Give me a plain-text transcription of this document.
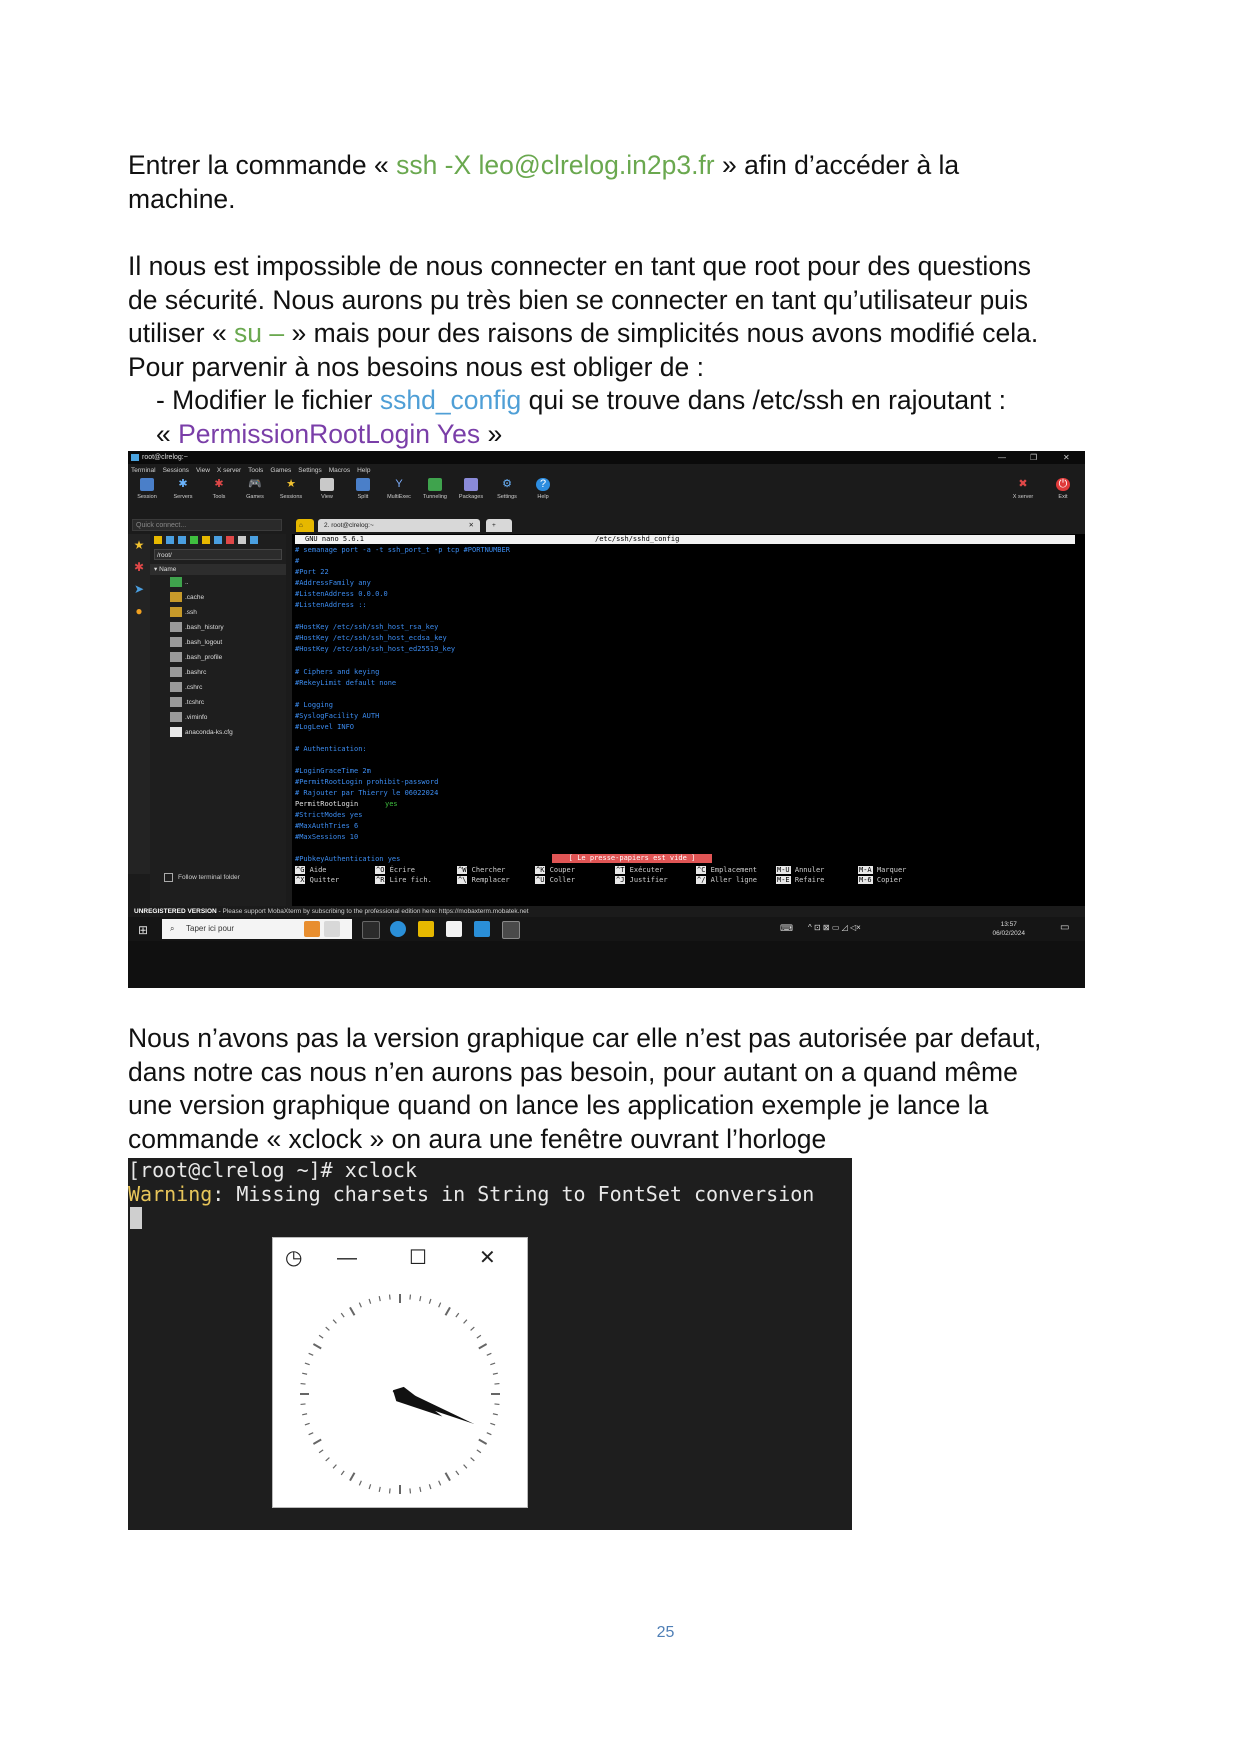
Entrer la commande « ssh -X leo@clrelog.in2p3.fr » afin d’accéder à la
machine.
Il nous est impossible de nous connecter en tant que root pour des questions
de sécurité. Nous aurons pu très bien se connecter en tant qu’utilisateur puis
utiliser « su – » mais pour des raisons de simplicités nous avons modifié cela.
Pour parvenir à nos besoins nous est obliger de :
- Modifier le fichier sshd_config qui se trouve dans /etc/ssh en rajoutant :
« PermissionRootLogin Yes »
root@clrelog:~	—	❐	✕
Terminal Sessions View X server Tools Games Settings Macros Help
Session
✱
Servers
✱
Tools
🎮
Games
★
Sessions	View	Split
Y
MultiExec	Tunneling	Packages
⚙
Settings
?
Help
✖
X server
⏻
Exit
Quick connect...	⌂	2. root@clrelog:~	✕	+
★
✱
➤
●
/root/
▾ Name
..
.cache
.ssh
.bash_history
.bash_logout
.bash_profile
.bashrc
.cshrc
.tcshrc
.viminfo
anaconda-ks.cfg
Follow terminal folder
GNU nano 5.6.1	/etc/ssh/sshd_config
# semanage port -a -t ssh_port_t -p tcp #PORTNUMBER
#
#Port 22
#AddressFamily any
#ListenAddress 0.0.0.0
#ListenAddress ::
#HostKey /etc/ssh/ssh_host_rsa_key
#HostKey /etc/ssh/ssh_host_ecdsa_key
#HostKey /etc/ssh/ssh_host_ed25519_key
# Ciphers and keying
#RekeyLimit default none
# Logging
#SyslogFacility AUTH
#LogLevel INFO
# Authentication:
#LoginGraceTime 2m
#PermitRootLogin prohibit-password
# Rajouter par Thierry le 06022024
PermitRootLogin	yes
#StrictModes yes
#MaxAuthTries 6
#MaxSessions 10
#PubkeyAuthentication yes	[ Le presse-papiers est vide ]
^G Aide
^X Quitter
^O Écrire
^R Lire fich.
^W Chercher
^\ Remplacer
^K Couper
^U Coller
^T Exécuter
^J Justifier
^C Emplacement
^/ Aller ligne
M-U Annuler
M-E Refaire
M-A Marquer
M-6 Copier
UNREGISTERED VERSION - Please support MobaXterm by subscribing to the professional edition here: https://mobaxterm.mobatek.net
⊞	⌕ Taper ici pour	13:57
06/02/2024
⌨ ^ ⊡ ⊠ ▭ ◿ ◁×	▭
Nous n’avons pas la version graphique car elle n’est pas autorisée par defaut,
dans notre cas nous n’en aurons pas besoin, pour autant on a quand même
une version graphique quand on lance les application exemple je lance la
commande « xclock » on aura une fenêtre ouvrant l’horloge
[root@clrelog ~]# xclock
Warning: Missing charsets in String to FontSet conversion
◷ —	☐	✕
25
